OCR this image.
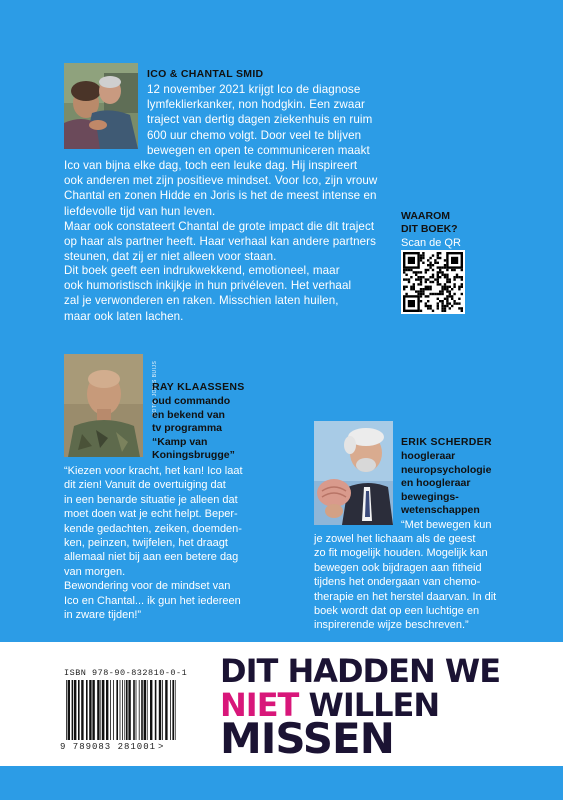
ICO & CHANTAL SMID

12 november 2021 krijgt Ico de diagnose

lymfeklierkanker, non hodgkin. Een zwaar

traject van dertig dagen ziekenhuis en ruim

600 uur chemo volgt. Door veel te blijven

bewegen en open te communiceren maakt

Ico van bijna elke dag, toch een leuke dag. Hij inspireert

ook anderen met zijn positieve mindset. Voor Ico, zijn vrouw

Chantal en zonen Hidde en Joris is het de meest intense en

liefdevolle tijd van hun leven.

Maar ook constateert Chantal de grote impact die dit traject

op haar als partner heeft. Haar verhaal kan andere partners

steunen, dat zij er niet alleen voor staan.

Dit boek geeft een indrukwekkend, emotioneel, maar

ook humoristisch inkijkje in hun privéleven. Het verhaal

zal je verwonderen en raken. Misschien laten huilen,

maar ook laten lachen.

WAAROM
DIT BOEK?
Scan de QR
FOTO: JORIS BUIJS
RAY KLAASSENS
oud commando
en bekend van
tv programma
“Kamp van
Koningsbrugge”

“Kiezen voor kracht, het kan! Ico laat

dit zien! Vanuit de overtuiging dat

in een benarde situatie je alleen dat

moet doen wat je echt helpt. Beper-

kende gedachten, zeiken, doemden-

ken, peinzen, twijfelen, het draagt

allemaal niet bij aan een betere dag

van morgen.

Bewondering voor de mindset van

Ico en Chantal... ik gun het iedereen

in zware tijden!”

ERIK SCHERDER
hoogleraar
neuropsychologie
en hoogleraar
bewegings-
wetenschappen
“Met bewegen kun

je zowel het lichaam als de geest

zo fit mogelijk houden. Mogelijk kan

bewegen ook bijdragen aan fitheid

tijdens het ondergaan van chemo-

therapie en het herstel daarvan. In dit

boek wordt dat op een luchtige en

inspirerende wijze beschreven.”

ISBN 978-90-832810-0-1
9 789083 281001 >
DIT HADDEN WE
NIET WILLEN
MISSEN
